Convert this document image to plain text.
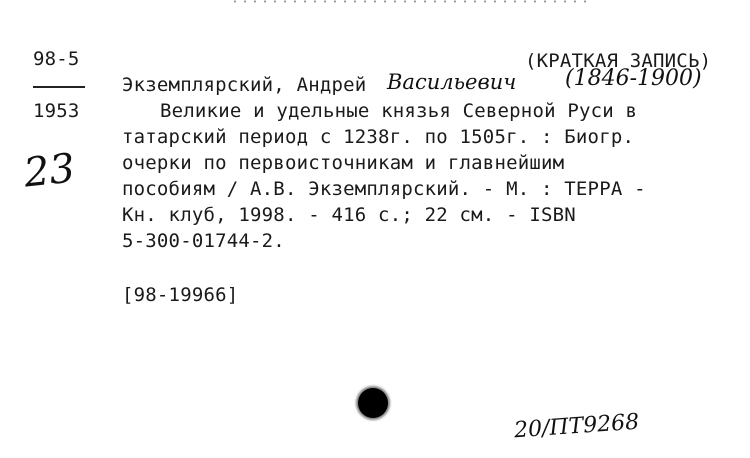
98-5
1953
(КРАТКАЯ ЗАПИСЬ)
Экземплярский, Андрей Васильевич (1846-1900)
Великие и удельные князья Северной Руси в
татарский период с 1238г. по 1505г. : Биогр.
очерки по первоисточникам и главнейшим
пособиям / А.В. Экземплярский. - М. : ТЕРРА -
Кн. клуб, 1998. - 416 с.; 22 см. - ISBN
5-300-01744-2.
[98-19966]
23
20/ПТ9268
